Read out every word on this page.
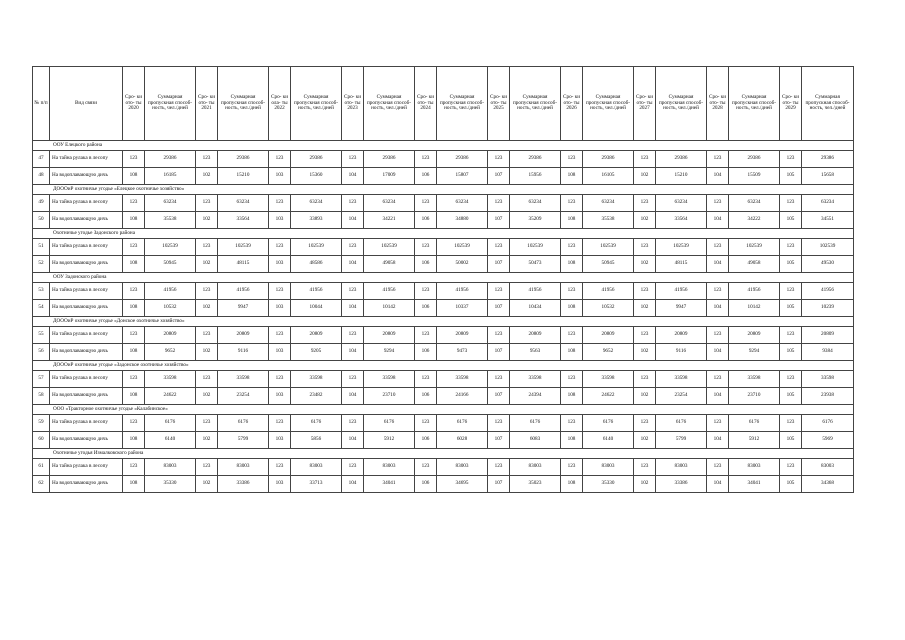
№ п/п	Вид связи	Сро- ки ото- ты 2020	Суммарная пропускная способ- ность, чел./дней	Сро- ки ото- ты 2021	Суммарная пропускная способ- ность, чел./дней	Сро- ки ола- ты 2022	Суммарная пропускная способ- ность, чел./дней	Сро- ки ото- ты 2023	Суммарная пропускная способ- ность, чел./дней	Сро- ки ото- ты 2024	Суммарная пропускная способ- ность, чел./дней	Сро- ки ото- ты 2025	Суммарная пропускная способ- ность, чел./дней	Сро- ки ото- ты 2026	Суммарная пропускная способ- ность, чел./дней	Сро- ки ото- ты 2027	Суммарная пропускная способ- ность, чел./дней	Сро- ки ото- ты 2028	Суммарная пропускная способ- ность, чел./дней	Сро- ки ото- ты 2029	Суммарная пропускная способ- ность, чел./дней
ООУ Елецкого района																					
47	На тайна рулака в лесопу	123	29386	123	29386	123	29386	123	29386	123	29386	123	29386	123	29386	123	29386	123	29386	123	29386
48	На водоплавающую дичь	108	16185	102	15210	103	15360	104	17009	106	15807	107	15956	108	16105	102	15210	104	15509	105	15658
ДОООиР охотничье угодье «Елецкое охотничье хозяйство»																					
49	На тайна рулака в лесопу	123	63234	123	63234	123	63234	123	63234	123	63234	123	63234	123	63234	123	63234	123	63234	123	63234
50	На водоплавающую дичь	108	35538	102	33564	103	33893	104	34221	106	34880	107	35209	108	35538	102	33564	104	34222	105	34551
Охотничье угодье Задонского района																					
51	На тайна рулака в лесопу	123	102539	123	102539	123	102539	123	102539	123	102539	123	102539	123	102539	123	102539	123	102539	123	102539
52	На водоплавающую дичь	108	50945	102	48115	103	48586	104	49058	106	50002	107	50473	108	50945	102	48115	104	49058	105	49530
ООУ Задонского района																					
53	На тайна рулака в лесопу	123	41956	123	41956	123	41956	123	41956	123	41956	123	41956	123	41956	123	41956	123	41956	123	41956
54	На водоплавающую дичь	108	10532	102	9947	103	10044	104	10142	106	10337	107	10434	108	10532	102	9947	104	10142	105	10239
ДОООиР охотничье угодье «Донское охотничье хозяйство»																					
55	На тайна рулака в лесопу	123	20809	123	20809	123	20809	123	20809	123	20809	123	20809	123	20809	123	20809	123	20809	123	20809
56	На водоплавающую дичь	108	9652	102	9116	103	9205	104	9294	106	9473	107	9563	108	9652	102	9116	104	9294	105	9384
ДОООиР охотничье угодье «Задонское охотничье хозяйство»																					
57	На тайна рулака в лесопу	123	33598	123	33598	123	33598	123	33598	123	33598	123	33598	123	33598	123	33598	123	33598	123	33598
58	На водоплавающую дичь	108	24622	102	23254	103	23482	104	23710	106	24166	107	24394	108	24622	102	23254	104	23710	105	23938
ООО «Тракторное охотничье угодье «Калабинское»																					
59	На тайна рулака в лесопу	123	6176	123	6176	123	6176	123	6176	123	6176	123	6176	123	6176	123	6176	123	6176	123	6176
60	На водоплавающую дичь	108	6140	102	5799	103	5856	104	5912	106	6028	107	6083	108	6140	102	5799	104	5912	105	5969
Охотничье угодья Измалковского района																					
61	На тайна рулака в лесопу	123	83003	123	83003	123	83003	123	83003	123	83003	123	83003	123	83003	123	83003	123	83003	123	83003
62	На водоплавающую дичь	108	35330	102	33386	103	33713	104	34041	106	34695	107	35023	108	35330	102	33386	104	34041	105	34368
